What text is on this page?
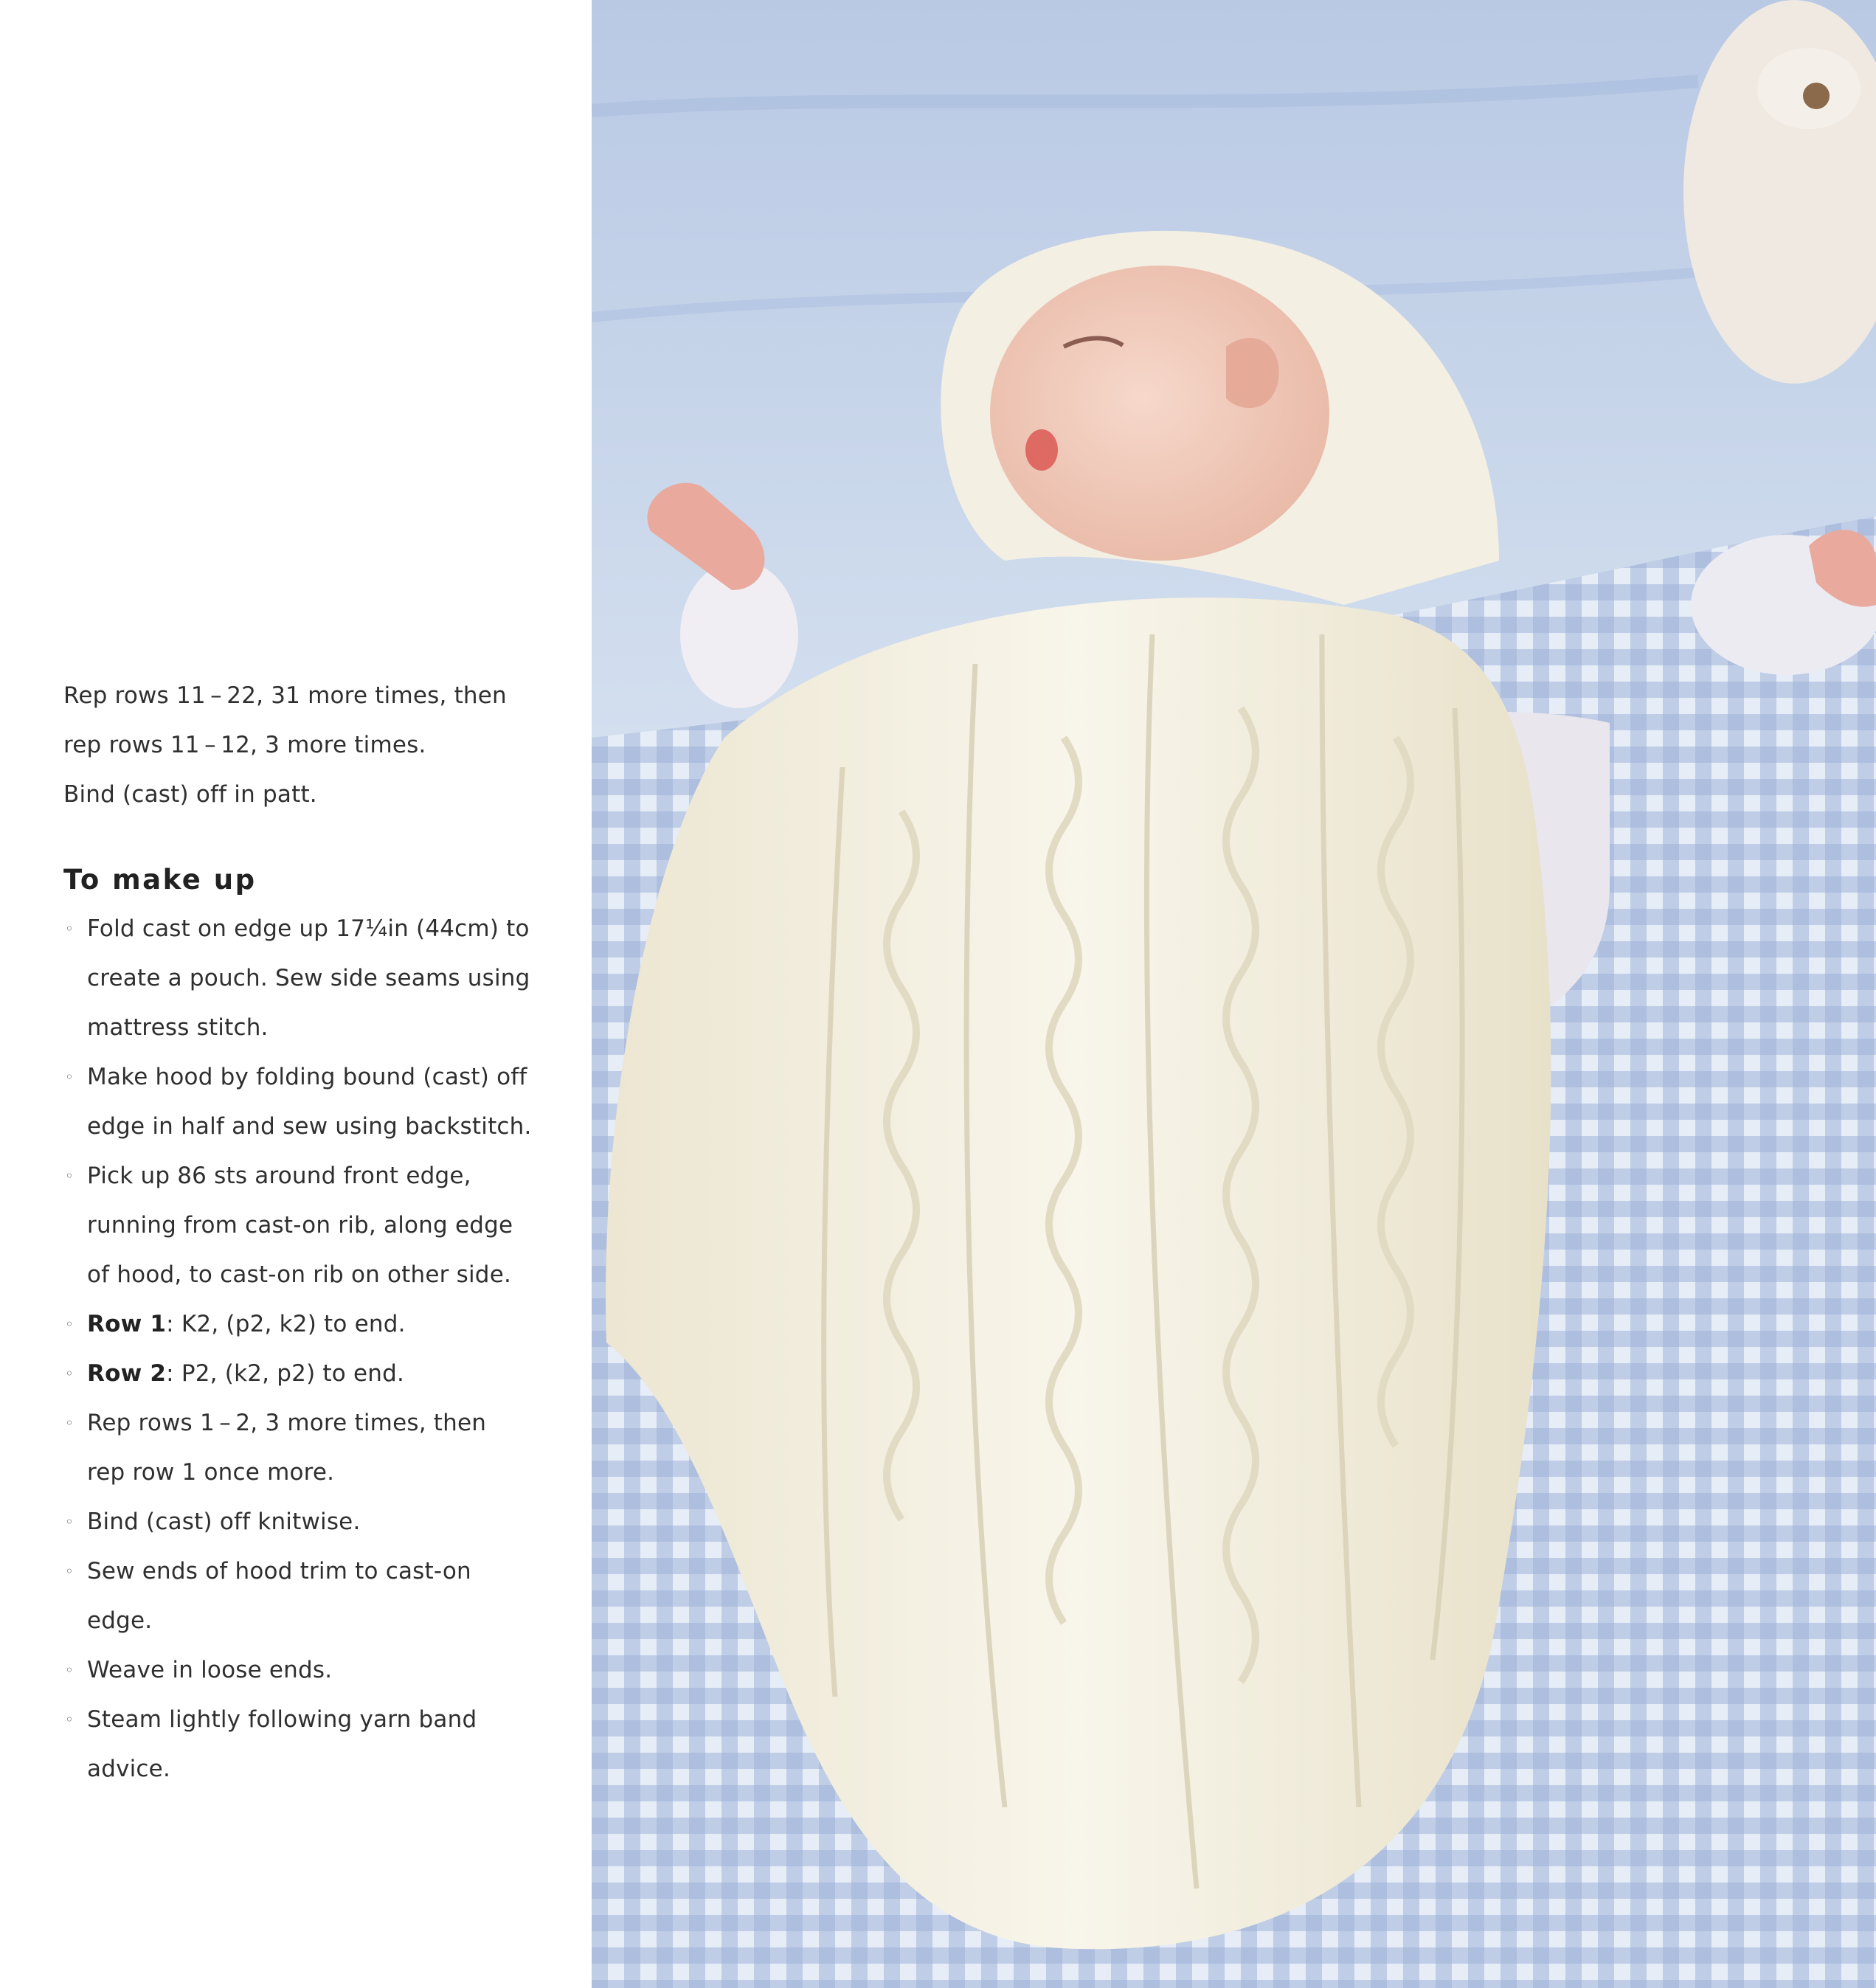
Rep rows 11 – 22, 31 more times, then

rep rows 11 – 12, 3 more times.

Bind (cast) off in patt.

To make up
◦ Fold cast on edge up 17¼in (44cm) to
create a pouch. Sew side seams using
mattress stitch.
◦ Make hood by folding bound (cast) off
edge in half and sew using backstitch.
◦ Pick up 86 sts around front edge,
running from cast-on rib, along edge
of hood, to cast-on rib on other side.
◦ Row 1: K2, (p2, k2) to end.
◦ Row 2: P2, (k2, p2) to end.
◦ Rep rows 1 – 2, 3 more times, then
rep row 1 once more.
◦ Bind (cast) off knitwise.
◦ Sew ends of hood trim to cast-on
edge.
◦ Weave in loose ends.
◦ Steam lightly following yarn band
advice.
